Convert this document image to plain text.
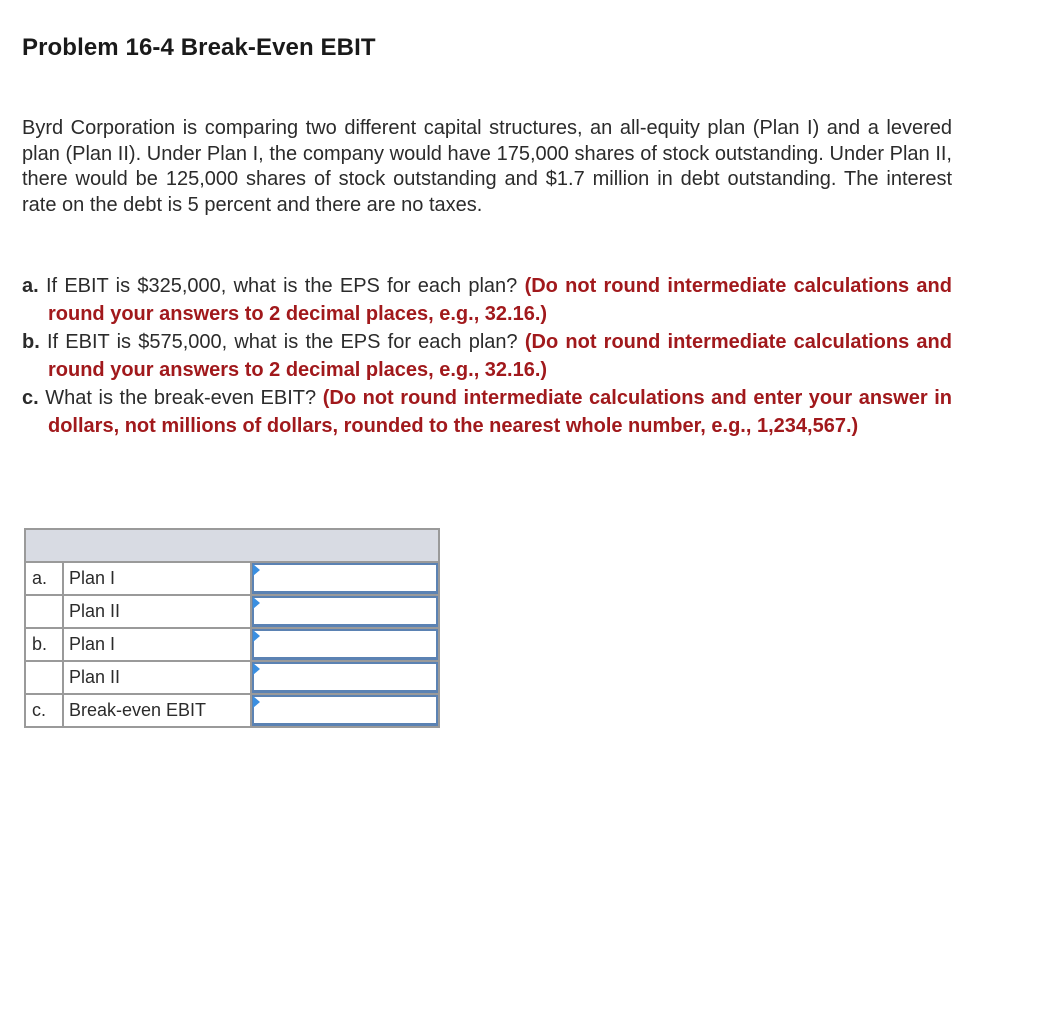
Problem 16-4 Break-Even EBIT

Byrd Corporation is comparing two different capital structures, an all-equity plan (Plan I) and a levered plan (Plan II). Under Plan I, the company would have 175,000 shares of stock outstanding. Under Plan II, there would be 125,000 shares of stock outstanding and $1.7 million in debt outstanding. The interest rate on the debt is 5 percent and there are no taxes.

a. If EBIT is $325,000, what is the EPS for each plan? (Do not round intermediate calculations and round your answers to 2 decimal places, e.g., 32.16.)
b. If EBIT is $575,000, what is the EPS for each plan? (Do not round intermediate calculations and round your answers to 2 decimal places, e.g., 32.16.)
c. What is the break-even EBIT? (Do not round intermediate calculations and enter your answer in dollars, not millions of dollars, rounded to the nearest whole number, e.g., 1,234,567.)

a.	Plan I	

	Plan II	

b.	Plan I	

	Plan II	

c.	Break-even EBIT	
